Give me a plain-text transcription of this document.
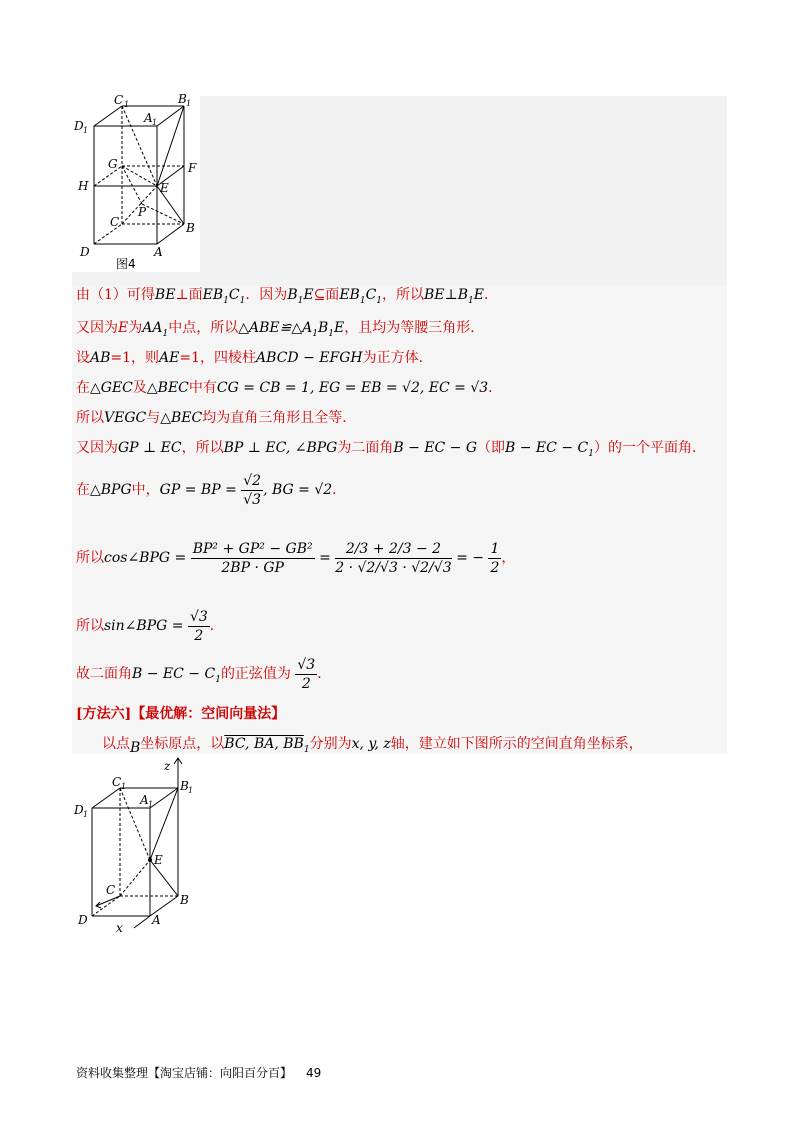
C 1	B 1
D 1
A 1
G	F
H	E
P
C	B
D	A
图4
由（1）可得BE⊥面$EB_1C_1$．因为$B_1E⊆$面$EB_1C_1$，所以$BE\perp B_1E$．
又因为E为$AA_1$中点，所以$\triangle ABE≌\triangle A_1B_1E$，且均为等腰三角形．
设AB=1，则AE=1，四棱柱ABCD − EFGH为正方体．
在△GEC及△BEC中有CG = CB = 1, EG = EB = √2, EC = √3．
所以VEGC与△BEC均为直角三角形且全等．
又因为GP ⊥ EC，所以BP ⊥ EC, ∠BPG为二面角B − EC − G（即B − EC − $C_1$）的一个平面角．
在△BPG中，GP = BP = $\frac{√2}{√3}$ , BG = √2．
所以cos∠BPG = $\frac{\text{BP² + GP² − GB²}}{2BP \cdot GP} = \frac{2/3 + 2/3 - 2}{2 \cdot √2/√3 \cdot √2/√3}$ = − $\frac{1}{2}$ ，
所以sin∠BPG = $\frac{√3}{2}$ ．
故二面角B − EC − $C_1$的正弦值为 $\frac{√3}{2}$ ．
[方法六]【最优解：空间向量法】
以点B坐标原点，以BC, BA, $BB_1$分别为x, y, z轴，建立如下图所示的空间直角坐标系，
z
C 1	B 1
A 1
D 1
E
C
B
D	A
x
资料收集整理【淘宝店铺：向阳百分百】 49
